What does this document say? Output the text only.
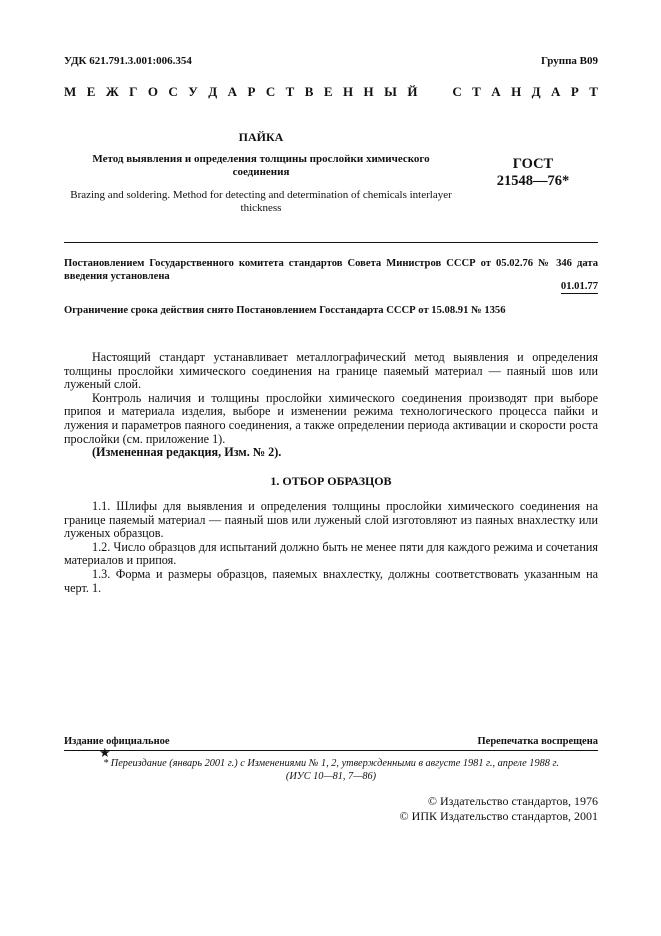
УДК 621.791.3.001:006.354	Группа В09
М Е Ж Г О С У Д А Р С Т В Е Н Н Ы Й	С Т А Н Д А Р Т
ПАЙКА
Метод выявления и определения толщины прослойки химического соединения
Brazing and soldering. Method for detecting and determination of chemicals interlayer thickness
ГОСТ
21548—76*
Постановлением Государственного комитета стандартов Совета Министров СССР от 05.02.76 № 346 дата введения установлена
01.01.77
Ограничение срока действия снято Постановлением Госстандарта СССР от 15.08.91 № 1356

Настоящий стандарт устанавливает металлографический метод выявления и определения толщины прослойки химического соединения на границе паяемый материал — паяный шов или луженый слой.

Контроль наличия и толщины прослойки химического соединения производят при выборе припоя и материала изделия, выборе и изменении режима технологического процесса пайки и лужения и параметров паяного соединения, а также определении периода активации и скорости роста прослойки (см. приложение 1).

(Измененная редакция, Изм. № 2).

1. ОТБОР ОБРАЗЦОВ

1.1. Шлифы для выявления и определения толщины прослойки химического соединения на границе паяемый материал — паяный шов или луженый слой изготовляют из паяных внахлестку или луженых образцов.

1.2. Число образцов для испытаний должно быть не менее пяти для каждого режима и сочетания материалов и припоя.

1.3. Форма и размеры образцов, паяемых внахлестку, должны соответствовать указанным на черт. 1.

Издание официальное	Перепечатка воспрещена
★
* Переиздание (январь 2001 г.) с Изменениями № 1, 2, утвержденными в августе 1981 г., апреле 1988 г.
(ИУС 10—81, 7—86)
© Издательство стандартов, 1976
© ИПК Издательство стандартов, 2001
